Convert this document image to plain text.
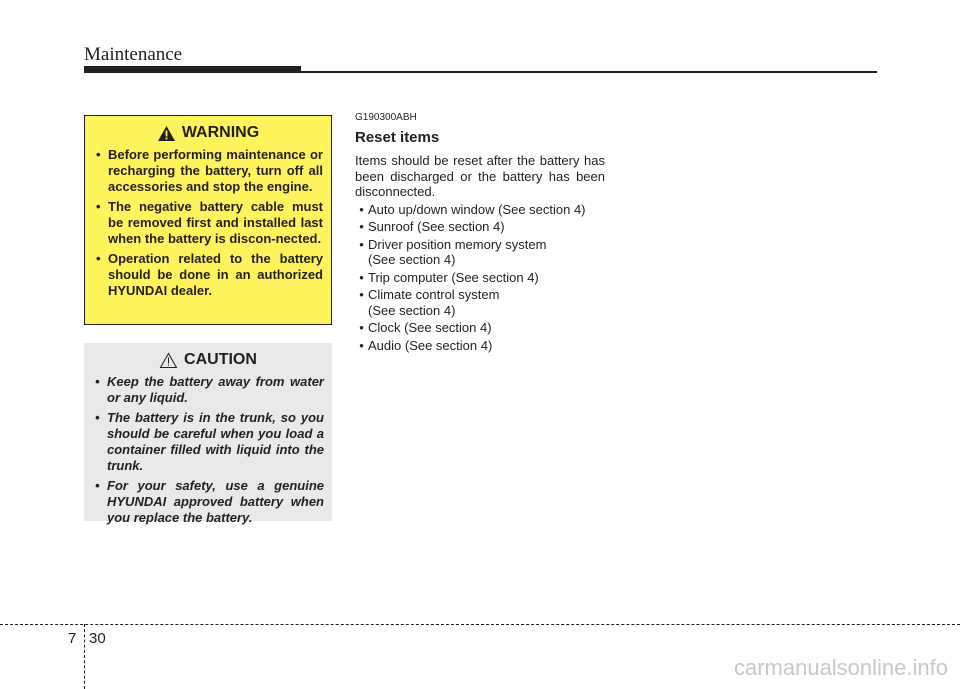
Maintenance
WARNING
• Before performing maintenance or recharging the battery, turn off all accessories and stop the engine.
• The negative battery cable must be removed first and installed last when the battery is discon-nected.
• Operation related to the battery should be done in an authorized HYUNDAI dealer.
CAUTION
• Keep the battery away from water or any liquid.
• The battery is in the trunk, so you should be careful when you load a container filled with liquid into the trunk.
• For your safety, use a genuine HYUNDAI approved battery when you replace the battery.
G190300ABH
Reset items

Items should be reset after the battery has been discharged or the battery has been disconnected.

• Auto up/down window (See section 4)
• Sunroof (See section 4)
• Driver position memory system
(See section 4)
• Trip computer (See section 4)
• Climate control system
(See section 4)
• Clock (See section 4)
• Audio (See section 4)
7 30
carmanualsonline.info
